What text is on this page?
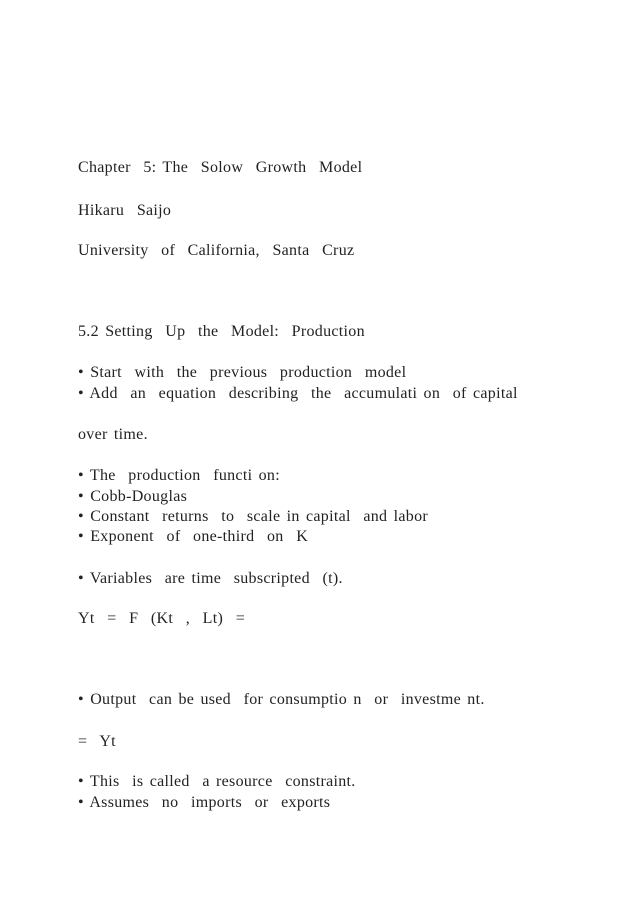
Chapter  5: The  Solow  Growth  Model
Hikaru  Saijo
University  of  California,  Santa  Cruz
5.2 Setting  Up  the  Model:  Production
• Start  with  the  previous  production  model
• Add  an  equation  describing  the  accumulati on  of capital
over time.
• The  production  functi on:
• Cobb-Douglas
• Constant  returns  to  scale in capital  and labor
• Exponent  of  one-third  on  K
• Variables  are time  subscripted  (t).
Yt  =  F  (Kt  ,  Lt)  =
• Output  can be used  for consumptio n  or  investme nt.
=  Yt
• This  is called  a resource  constraint.
• Assumes  no  imports  or  exports
